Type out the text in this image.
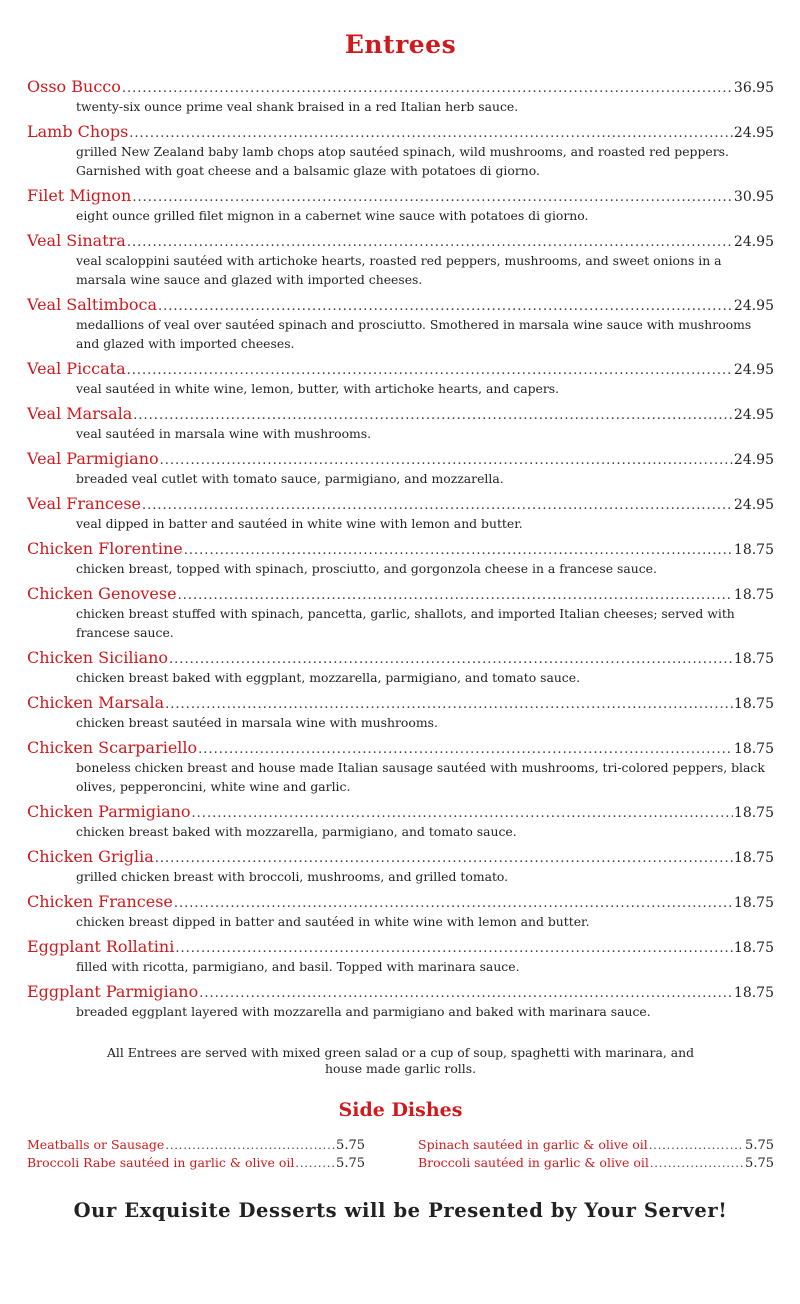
Entrees
Osso Bucco .....	36.95
twenty-six ounce prime veal shank braised in a red Italian herb sauce.
Lamb Chops .....	24.95
grilled New Zealand baby lamb chops atop sautéed spinach, wild mushrooms, and roasted red peppers. Garnished with goat cheese and a balsamic glaze with potatoes di giorno.
Filet Mignon .....	30.95
eight ounce grilled filet mignon in a cabernet wine sauce with potatoes di giorno.
Veal Sinatra .....	24.95
veal scaloppini sautéed with artichoke hearts, roasted red peppers, mushrooms, and sweet onions in a marsala wine sauce and glazed with imported cheeses.
Veal Saltimboca .....	24.95
medallions of veal over sautéed spinach and prosciutto. Smothered in marsala wine sauce with mushrooms and glazed with imported cheeses.
Veal Piccata .....	24.95
veal sautéed in white wine, lemon, butter, with artichoke hearts, and capers.
Veal Marsala .....	24.95
veal sautéed in marsala wine with mushrooms.
Veal Parmigiano .....	24.95
breaded veal cutlet with tomato sauce, parmigiano, and mozzarella.
Veal Francese .....	24.95
veal dipped in batter and sautéed in white wine with lemon and butter.
Chicken Florentine .....	18.75
chicken breast, topped with spinach, prosciutto, and gorgonzola cheese in a francese sauce.
Chicken Genovese .....	18.75
chicken breast stuffed with spinach, pancetta, garlic, shallots, and imported Italian cheeses; served with francese sauce.
Chicken Siciliano .....	18.75
chicken breast baked with eggplant, mozzarella, parmigiano, and tomato sauce.
Chicken Marsala .....	18.75
chicken breast sautéed in marsala wine with mushrooms.
Chicken Scarpariello .....	18.75
boneless chicken breast and house made Italian sausage sautéed with mushrooms, tri-colored peppers, black olives, pepperoncini, white wine and garlic.
Chicken Parmigiano .....	18.75
chicken breast baked with mozzarella, parmigiano, and tomato sauce.
Chicken Griglia .....	18.75
grilled chicken breast with broccoli, mushrooms, and grilled tomato.
Chicken Francese .....	18.75
chicken breast dipped in batter and sautéed in white wine with lemon and butter.
Eggplant Rollatini .....	18.75
filled with ricotta, parmigiano, and basil. Topped with marinara sauce.
Eggplant Parmigiano .....	18.75
breaded eggplant layered with mozzarella and parmigiano and baked with marinara sauce.
All Entrees are served with mixed green salad or a cup of soup, spaghetti with marinara, and house made garlic rolls.
Side Dishes
Meatballs or Sausage .....	5.75
Broccoli Rabe sautéed in garlic & olive oil .....	5.75
Spinach sautéed in garlic & olive oil .....	5.75
Broccoli sautéed in garlic & olive oil .....	5.75
Our Exquisite Desserts will be Presented by Your Server!
